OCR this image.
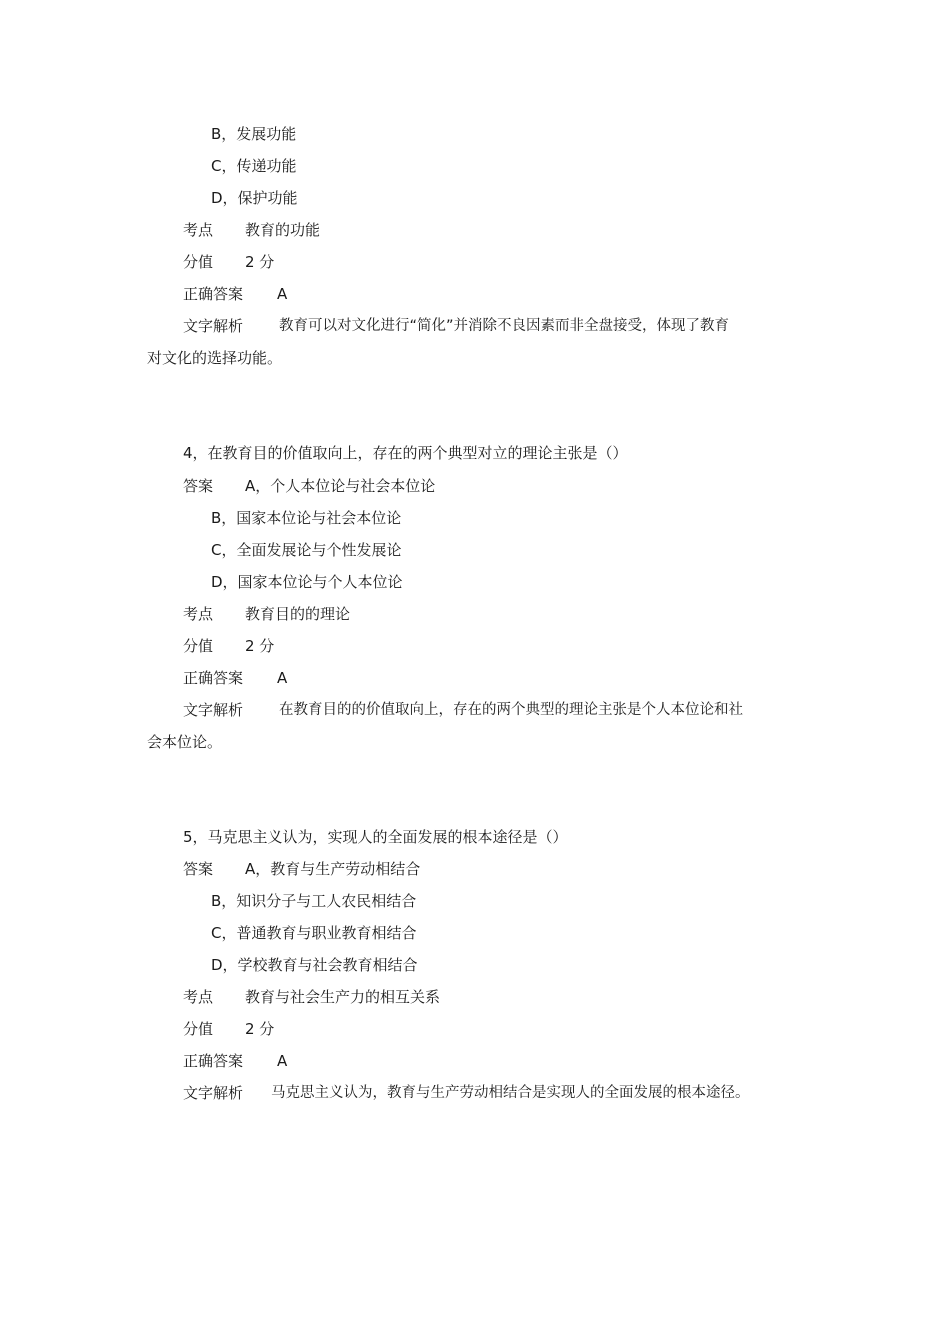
B，发展功能
C，传递功能
D，保护功能
考点 教育的功能
分值 2 分
正确答案 A
文字解析 教育可以对文化进行“简化”并消除不良因素而非全盘接受，体现了教育
对文化的选择功能。
4，在教育目的价值取向上，存在的两个典型对立的理论主张是（）
答案 A，个人本位论与社会本位论
B，国家本位论与社会本位论
C，全面发展论与个性发展论
D，国家本位论与个人本位论
考点 教育目的的理论
分值 2 分
正确答案 A
文字解析 在教育目的的价值取向上，存在的两个典型的理论主张是个人本位论和社
会本位论。
5，马克思主义认为，实现人的全面发展的根本途径是（）
答案 A，教育与生产劳动相结合
B，知识分子与工人农民相结合
C，普通教育与职业教育相结合
D，学校教育与社会教育相结合
考点 教育与社会生产力的相互关系
分值 2 分
正确答案 A
文字解析 马克思主义认为，教育与生产劳动相结合是实现人的全面发展的根本途径。
